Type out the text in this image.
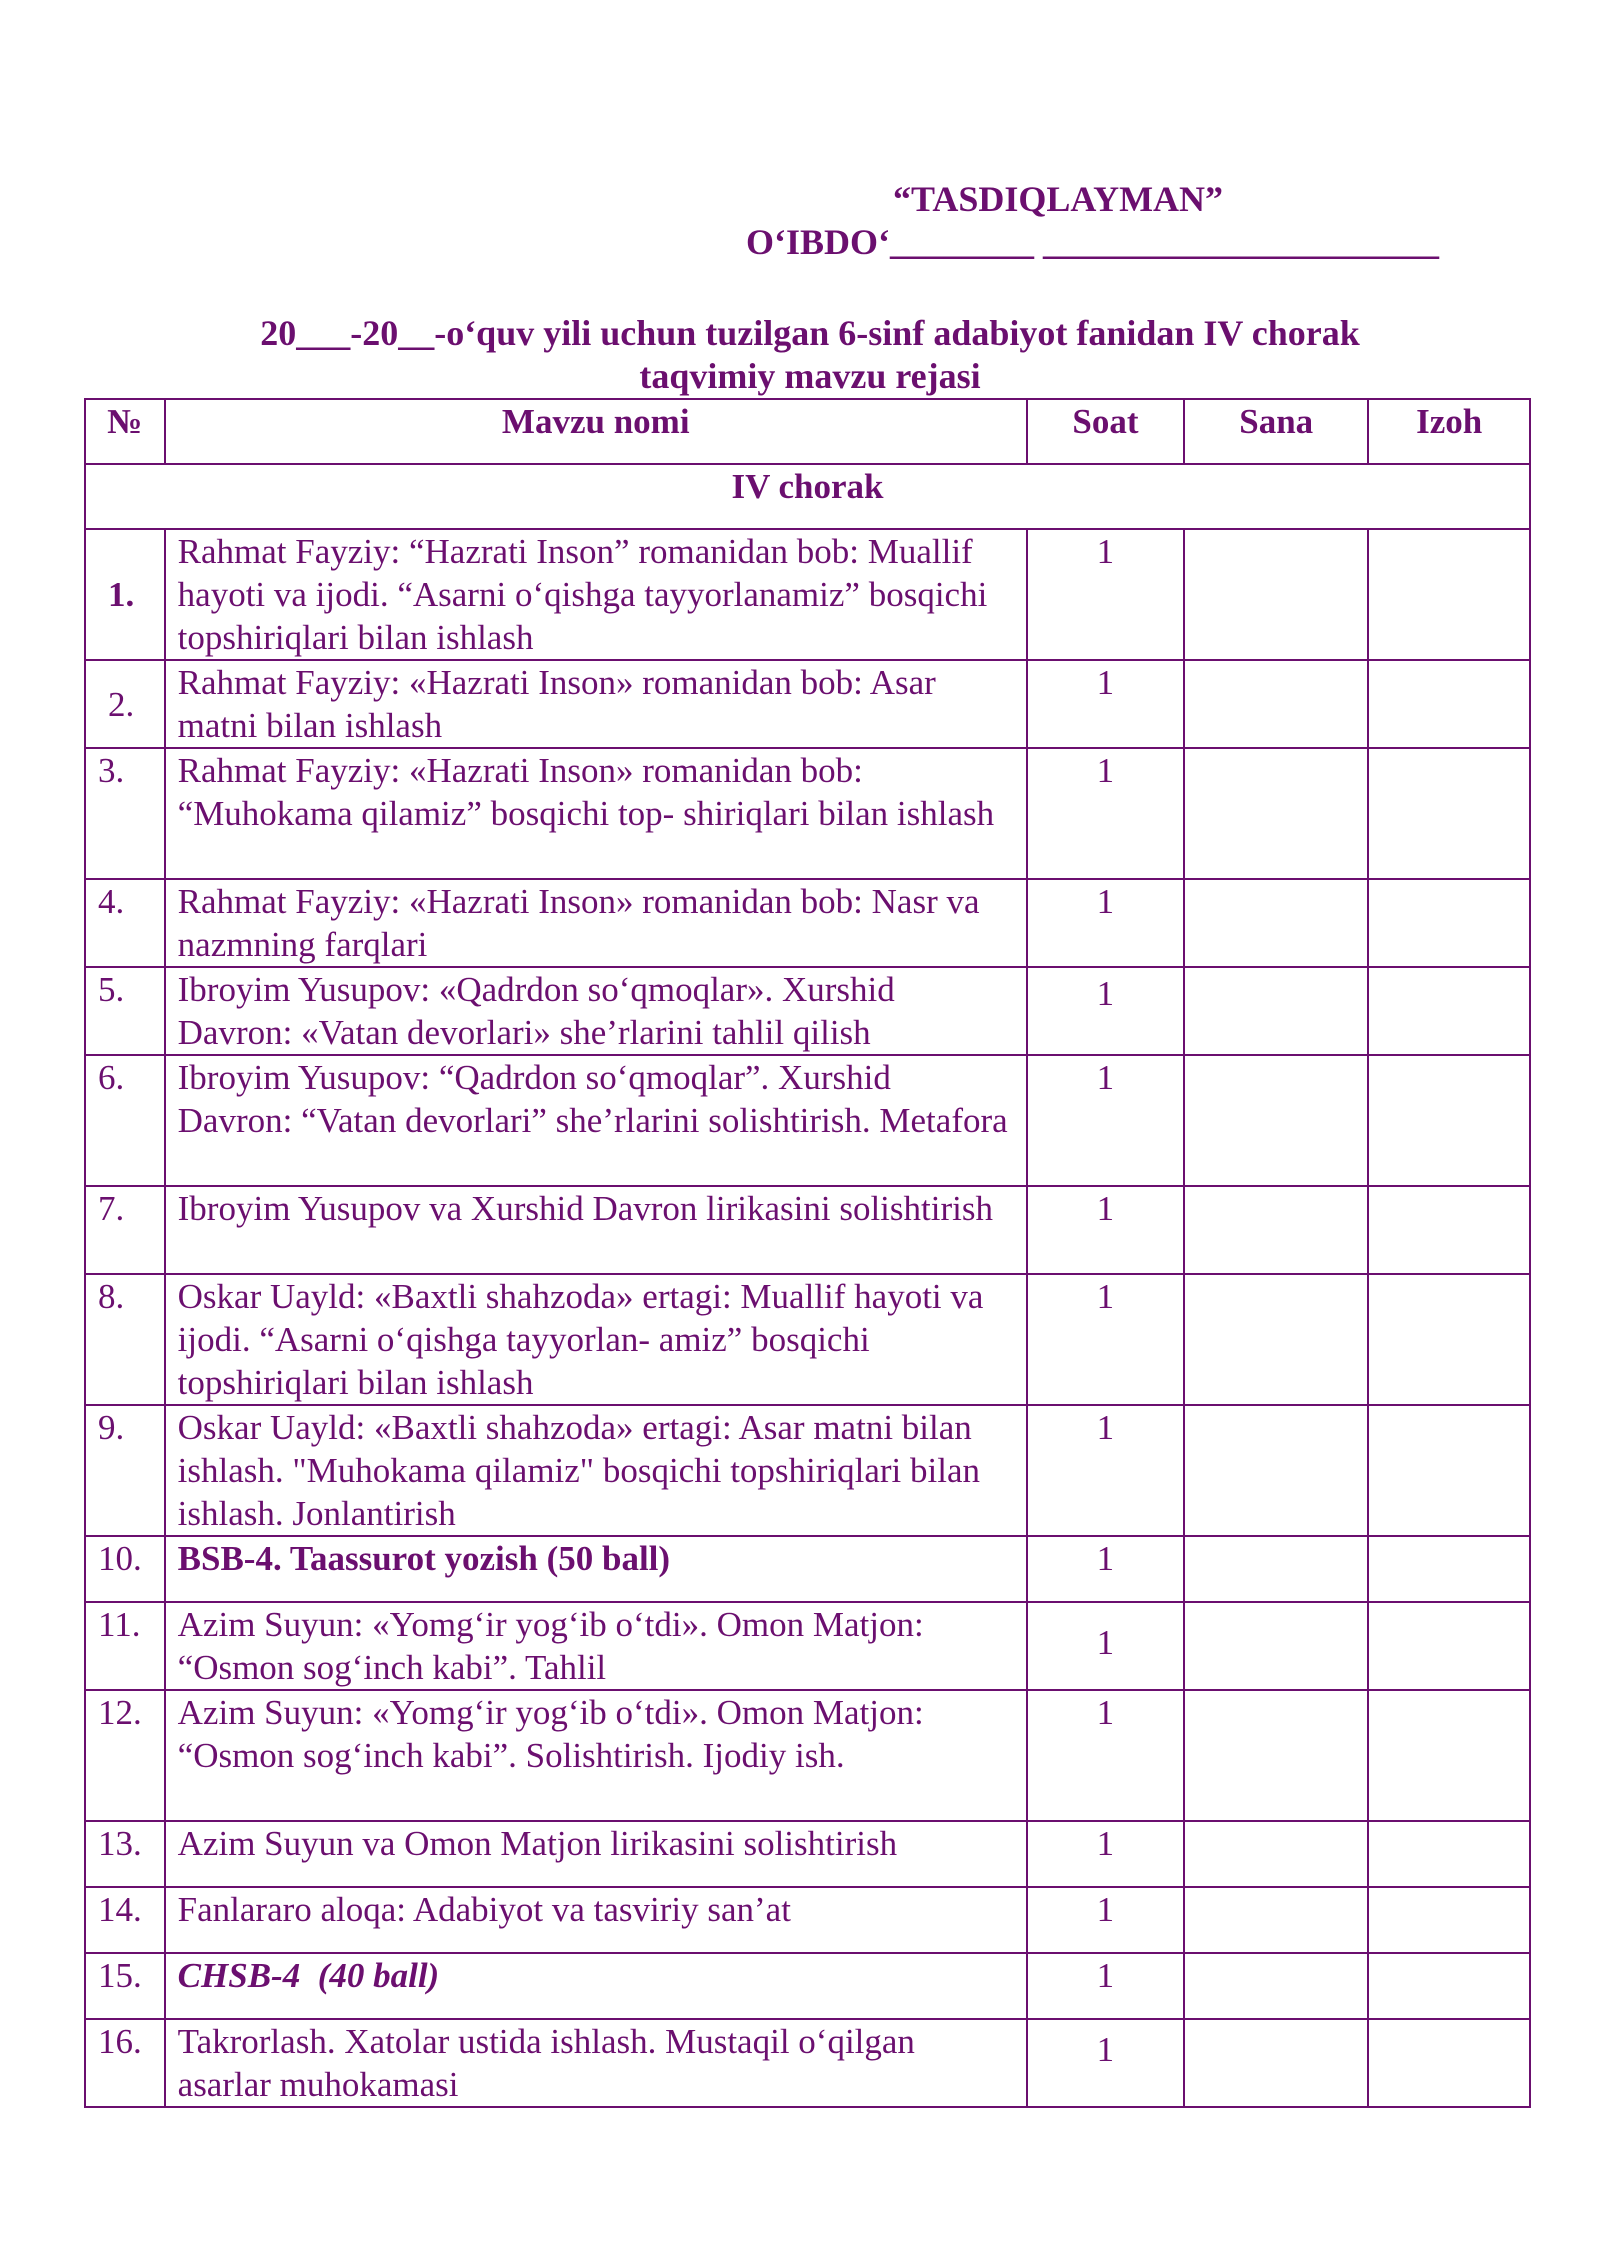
“TASDIQLAYMAN”
O‘IBDO‘________ ______________________
20___-20__-o‘quv yili uchun tuzilgan 6-sinf adabiyot fanidan IV chorak
taqvimiy mavzu rejasi
№	Mavzu nomi	Soat	Sana	Izoh
IV chorak				
1.	Rahmat Fayziy: “Hazrati Inson” romanidan bob: Muallif hayoti va ijodi. “Asarni o‘qishga tayyorlanamiz” bosqichi topshiriqlari bilan ishlash	1		
2.	Rahmat Fayziy: «Hazrati Inson» romanidan bob: Asar matni bilan ishlash	1		
3.	Rahmat Fayziy: «Hazrati Inson» romanidan bob: “Muhokama qilamiz” bosqichi top- shiriqlari bilan ishlash	1		
4.	Rahmat Fayziy: «Hazrati Inson» romanidan bob: Nasr va nazmning farqlari	1		
5.	Ibroyim Yusupov: «Qadrdon so‘qmoqlar». Xurshid Davron: «Vatan devorlari» she’rlarini tahlil qilish	1		
6.	Ibroyim Yusupov: “Qadrdon so‘qmoqlar”. Xurshid Davron: “Vatan devorlari” she’rlarini solishtirish. Metafora	1		
7.	Ibroyim Yusupov va Xurshid Davron lirikasini solishtirish	1		
8.	Oskar Uayld: «Baxtli shahzoda» ertagi: Muallif hayoti va ijodi. “Asarni o‘qishga tayyorlan- amiz” bosqichi topshiriqlari bilan ishlash	1		
9.	Oskar Uayld: «Baxtli shahzoda» ertagi: Asar matni bilan ishlash. "Muhokama qilamiz" bosqichi topshiriqlari bilan ishlash. Jonlantirish	1		
10.	BSB-4. Taassurot yozish (50 ball)	1		
11.	Azim Suyun: «Yomg‘ir yog‘ib o‘tdi». Omon Matjon: “Osmon sog‘inch kabi”. Tahlil	1		
12.	Azim Suyun: «Yomg‘ir yog‘ib o‘tdi». Omon Matjon: “Osmon sog‘inch kabi”. Solishtirish. Ijodiy ish.	1		
13.	Azim Suyun va Omon Matjon lirikasini solishtirish	1		
14.	Fanlararo aloqa: Adabiyot va tasviriy san’at	1		
15.	CHSB-4  (40 ball)	1		
16.	Takrorlash. Xatolar ustida ishlash. Mustaqil o‘qilgan asarlar muhokamasi	1		
